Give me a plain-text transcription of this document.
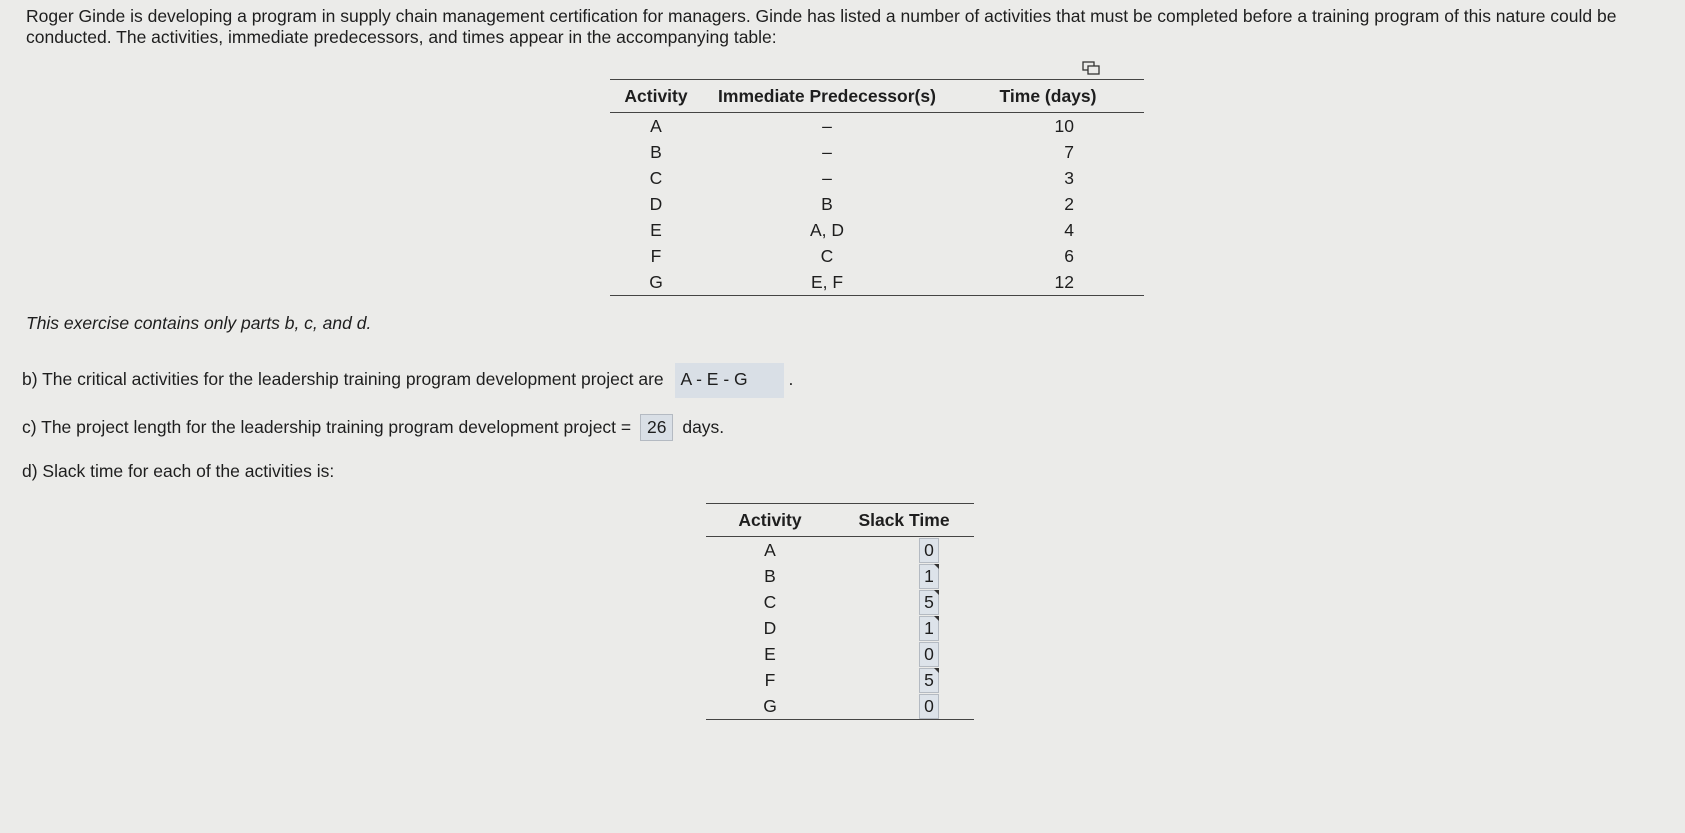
Roger Ginde is developing a program in supply chain management certification for managers. Ginde has listed a number of activities that must be completed before a training program of this nature could be conducted. The activities, immediate predecessors, and times appear in the accompanying table:

Activity	Immediate Predecessor(s)	Time (days)
A	–	10
B	–	7
C	–	3
D	B	2
E	A, D	4
F	C	6
G	E, F	12

This exercise contains only parts b, c, and d.

b) The critical activities for the leadership training program development project are A - E - G .

c) The project length for the leadership training program development project = 26 days.

d) Slack time for each of the activities is:

Activity	Slack Time
A	0
B	1

C	5

D	1

E	0
F	5

G	0
